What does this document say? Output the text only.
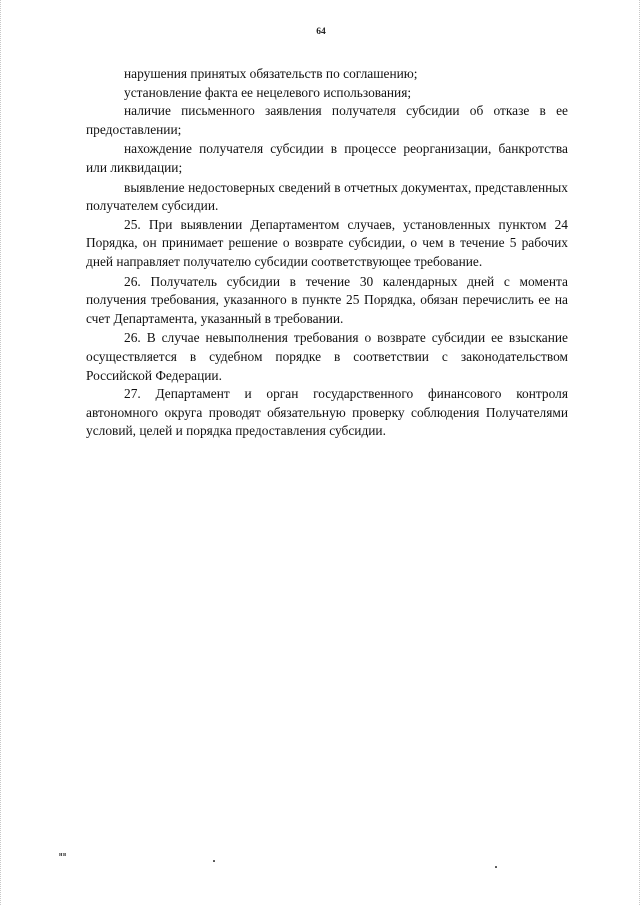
64

нарушения принятых обязательств по соглашению;

установление факта ее нецелевого использования;

наличие письменного заявления получателя субсидии об отказе в ее предоставлении;

нахождение получателя субсидии в процессе реорганизации, банкротства или ликвидации;

выявление недостоверных сведений в отчетных документах, представленных получателем субсидии.

25. При выявлении Департаментом случаев, установленных пунктом 24 Порядка, он принимает решение о возврате субсидии, о чем в течение 5 рабочих дней направляет получателю субсидии соответствующее требование.

26. Получатель субсидии в течение 30 календарных дней с момента получения требования, указанного в пункте 25 Порядка, обязан перечислить ее на счет Департамента, указанный в требовании.

26. В случае невыполнения требования о возврате субсидии ее взыскание осуществляется в судебном порядке в соответствии с законодательством Российской Федерации.

27. Департамент и орган государственного финансового контроля автономного округа проводят обязательную проверку соблюдения Получателями условий, целей и порядка предоставления субсидии.

нв
